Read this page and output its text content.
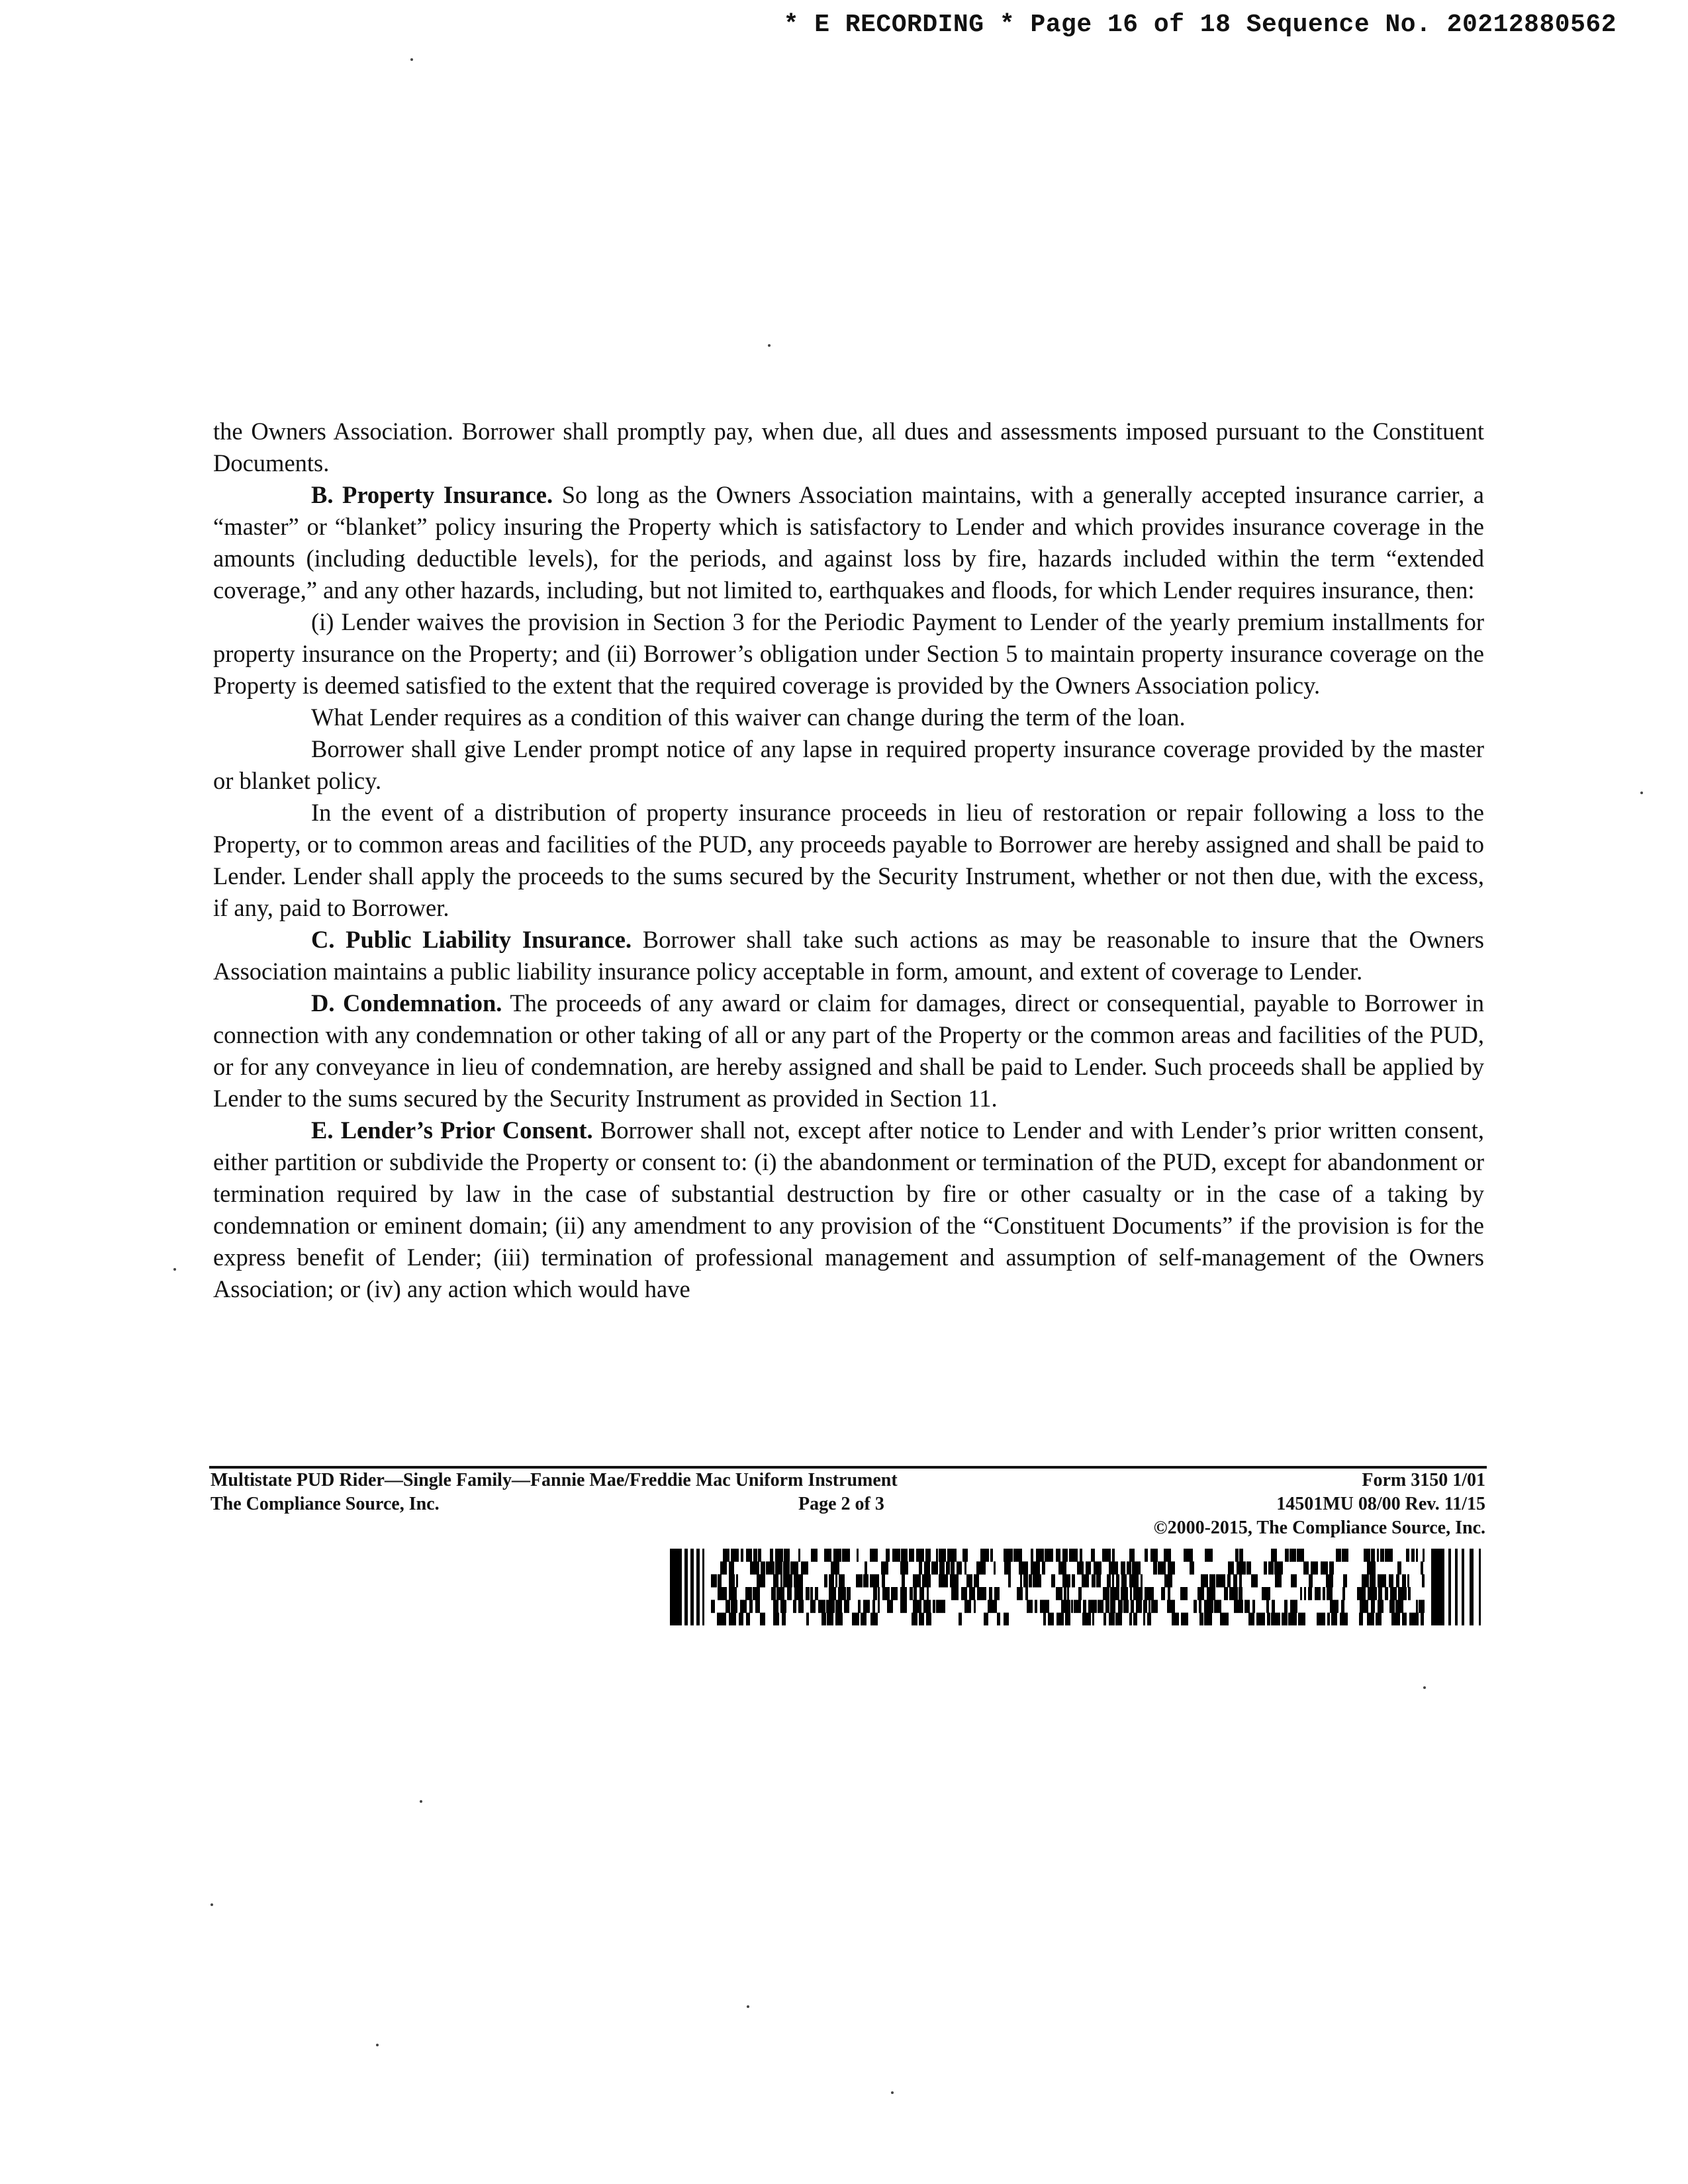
* E RECORDING * Page 16 of 18 Sequence No. 20212880562

the Owners Association. Borrower shall promptly pay, when due, all dues and assessments imposed pursuant to the Constituent Documents.

B. Property Insurance. So long as the Owners Association maintains, with a generally accepted insurance carrier, a “master” or “blanket” policy insuring the Property which is satisfactory to Lender and which provides insurance coverage in the amounts (including deductible levels), for the periods, and against loss by fire, hazards included within the term “extended coverage,” and any other hazards, including, but not limited to, earthquakes and floods, for which Lender requires insurance, then:

(i) Lender waives the provision in Section 3 for the Periodic Payment to Lender of the yearly premium installments for property insurance on the Property; and (ii) Borrower’s obligation under Section 5 to maintain property insurance coverage on the Property is deemed satisfied to the extent that the required coverage is provided by the Owners Association policy.

What Lender requires as a condition of this waiver can change during the term of the loan.

Borrower shall give Lender prompt notice of any lapse in required property insurance coverage provided by the master or blanket policy.

In the event of a distribution of property insurance proceeds in lieu of restoration or repair following a loss to the Property, or to common areas and facilities of the PUD, any proceeds payable to Borrower are hereby assigned and shall be paid to Lender. Lender shall apply the proceeds to the sums secured by the Security Instrument, whether or not then due, with the excess, if any, paid to Borrower.

C. Public Liability Insurance. Borrower shall take such actions as may be reasonable to insure that the Owners Association maintains a public liability insurance policy acceptable in form, amount, and extent of coverage to Lender.

D. Condemnation. The proceeds of any award or claim for damages, direct or consequential, payable to Borrower in connection with any condemnation or other taking of all or any part of the Property or the common areas and facilities of the PUD, or for any conveyance in lieu of condemnation, are hereby assigned and shall be paid to Lender. Such proceeds shall be applied by Lender to the sums secured by the Security Instrument as provided in Section 11.

E. Lender’s Prior Consent. Borrower shall not, except after notice to Lender and with Lender’s prior written consent, either partition or subdivide the Property or consent to: (i) the abandonment or termination of the PUD, except for abandonment or termination required by law in the case of substantial destruction by fire or other casualty or in the case of a taking by condemnation or eminent domain; (ii) any amendment to any provision of the “Constituent Documents” if the provision is for the express benefit of Lender; (iii) termination of professional management and assumption of self-management of the Owners Association; or (iv) any action which would have

Multistate PUD Rider—Single Family—Fannie Mae/Freddie Mac Uniform Instrument	Form 3150 1/01
The Compliance Source, Inc.	Page 2 of 3	14501MU 08/00 Rev. 11/15
©2000-2015, The Compliance Source, Inc.
